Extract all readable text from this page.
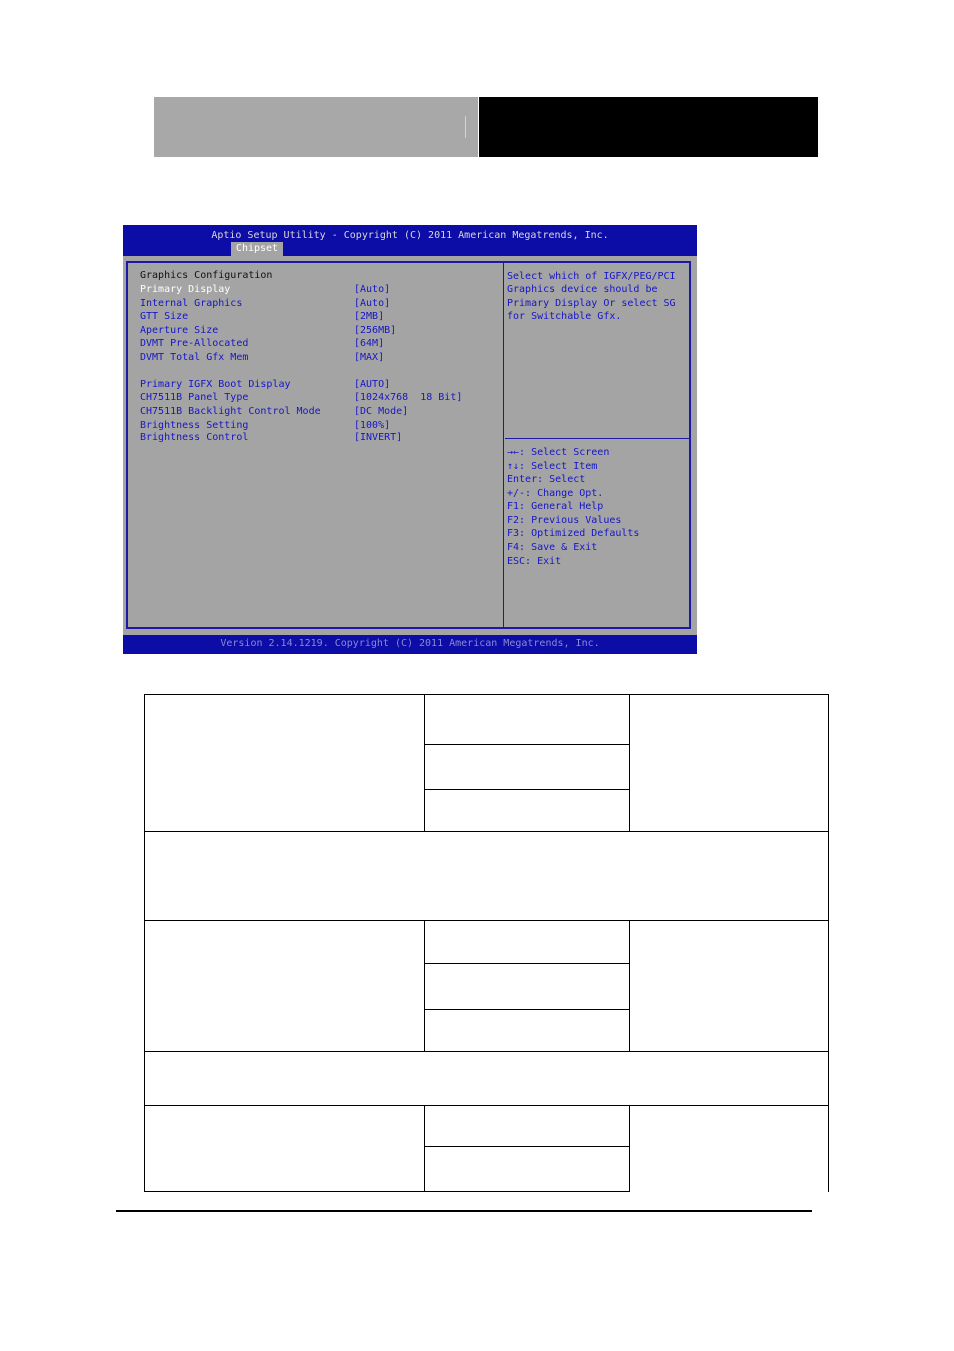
Aptio Setup Utility - Copyright (C) 2011 American Megatrends, Inc.
Chipset
Graphics Configuration

Primary Display

	[Auto]

Internal Graphics

	[Auto]

GTT Size

	[2MB]

Aperture Size

	[256MB]

DVMT Pre-Allocated

	[64M]

DVMT Total Gfx Mem

	[MAX]

Primary IGFX Boot Display

	[AUTO]

CH7511B Panel Type

	[1024x768  18 Bit]

CH7511B Backlight Control Mode

	[DC Mode]

Brightness Setting

	[100%]

Brightness Control

	[INVERT]

Select which of IGFX/PEG/PCI
Graphics device should be
Primary Display Or select SG
for Switchable Gfx.
→←: Select Screen
↑↓: Select Item
Enter: Select
+/-: Change Opt.
F1: General Help
F2: Previous Values
F3: Optimized Defaults
F4: Save & Exit
ESC: Exit
Version 2.14.1219. Copyright (C) 2011 American Megatrends, Inc.
